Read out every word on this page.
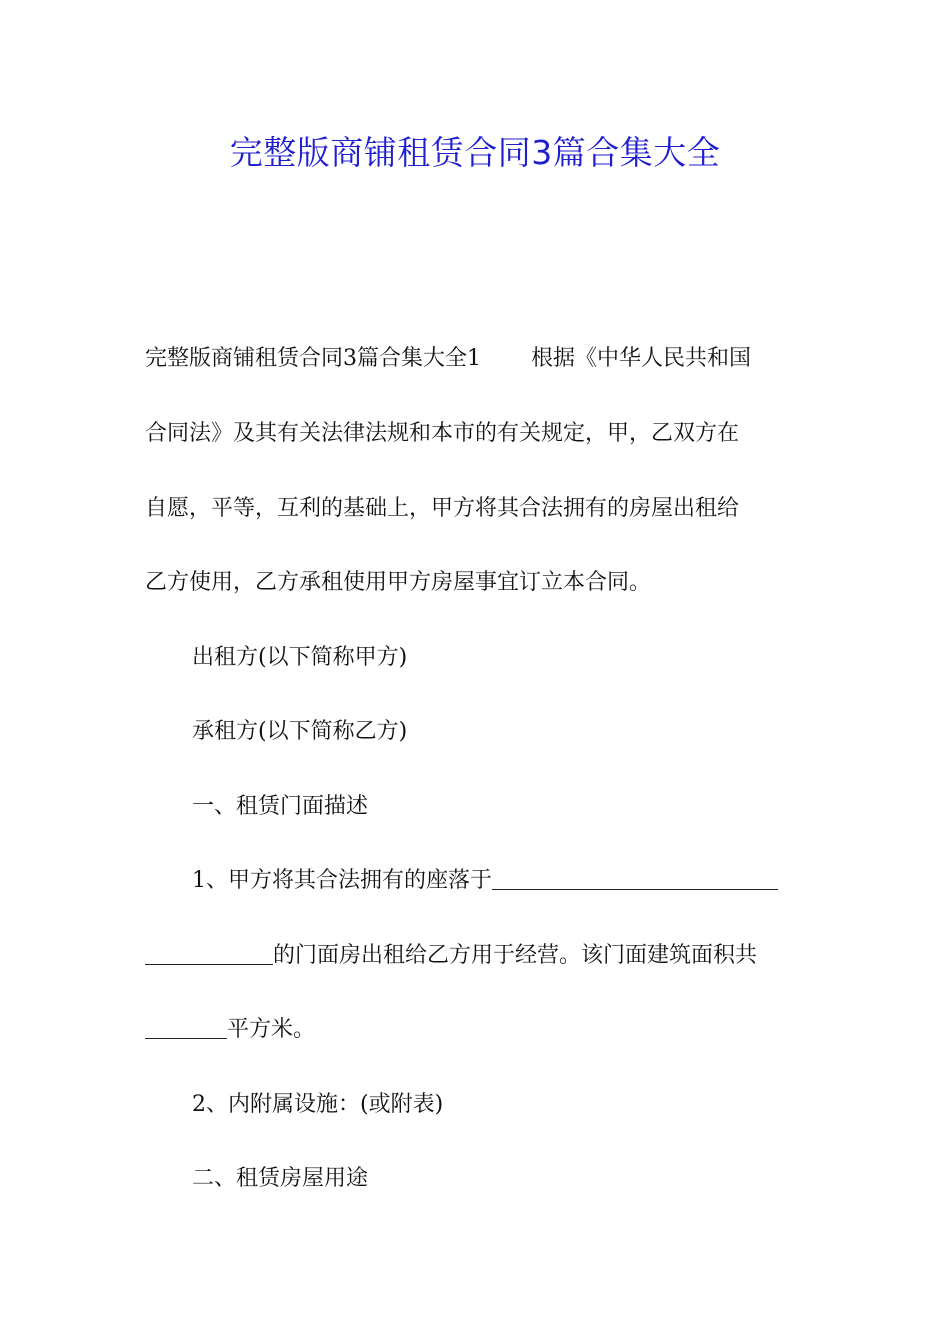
完整版商铺租赁合同3篇合集大全
完整版商铺租赁合同3篇合集大全1 根据《中华人民共和国
合同法》及其有关法律法规和本市的有关规定，甲，乙双方在
自愿，平等，互利的基础上，甲方将其合法拥有的房屋出租给
乙方使用，乙方承租使用甲方房屋事宜订立本合同。
出租方(以下简称甲方)
承租方(以下简称乙方)
一、租赁门面描述
1、甲方将其合法拥有的座落于
的门面房出租给乙方用于经营。该门面建筑面积共
平方米。
2、内附属设施：(或附表)
二、租赁房屋用途
